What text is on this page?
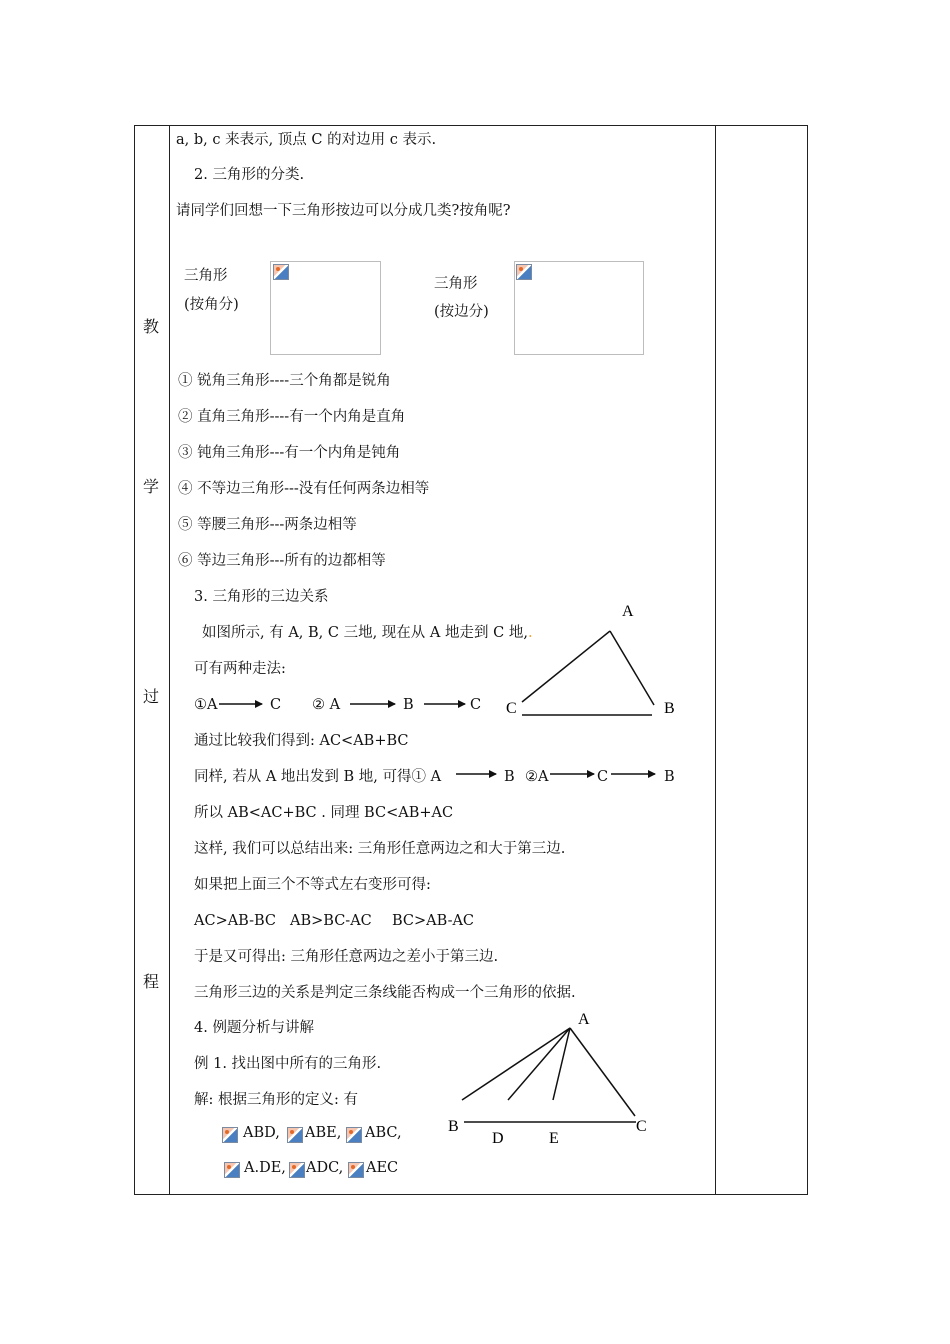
教
学
过
程
a, b, c 来表示, 顶点 C 的对边用 c 表示.
2. 三角形的分类.
请同学们回想一下三角形按边可以分成几类?按角呢?
三角形
(按角分)
三角形
(按边分)
① 锐角三角形----三个角都是锐角
② 直角三角形----有一个内角是直角
③ 钝角三角形---有一个内角是钝角
④ 不等边三角形---没有任何两条边相等
⑤ 等腰三角形---两条边相等
⑥ 等边三角形---所有的边都相等
3. 三角形的三边关系
如图所示, 有 A, B, C 三地, 现在从 A 地走到 C 地,.
可有两种走法:
①A	C ② A	B	C
通过比较我们得到: AC<AB+BC
同样, 若从 A 地出发到 B 地, 可得① A	B ②A	C	B
所以 AB<AC+BC . 同理 BC<AB+AC
这样, 我们可以总结出来: 三角形任意两边之和大于第三边.
如果把上面三个不等式左右变形可得:
AC>AB-BC AB>BC-AC BC>AB-AC
于是又可得出: 三角形任意两边之差小于第三边.
三角形三边的关系是判定三条线能否构成一个三角形的依据.
4. 例题分析与讲解
例 1. 找出图中所有的三角形.
解: 根据三角形的定义: 有
ABD, ABE, ABC,
A.DE, ADC, AEC
A
C	B
A
B
D	E
C
